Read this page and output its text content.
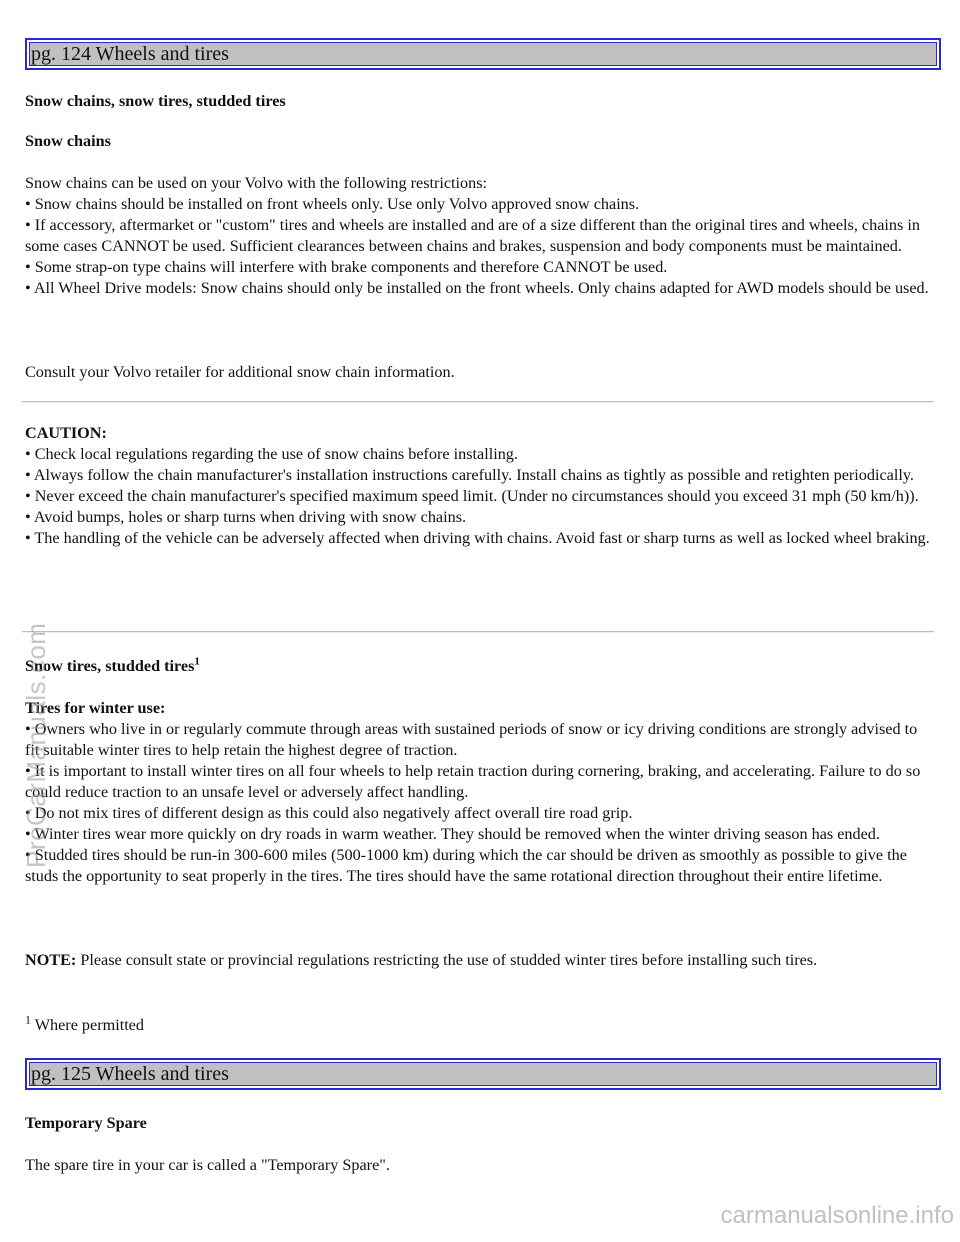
pg. 124 Wheels and tires
Snow chains, snow tires, studded tires
Snow chains
Snow chains can be used on your Volvo with the following restrictions:
• Snow chains should be installed on front wheels only. Use only Volvo approved snow chains.
• If accessory, aftermarket or "custom" tires and wheels are installed and are of a size different than the original tires and wheels, chains in some cases CANNOT be used. Sufficient clearances between chains and brakes, suspension and body components must be maintained.
• Some strap-on type chains will interfere with brake components and therefore CANNOT be used.
• All Wheel Drive models: Snow chains should only be installed on the front wheels. Only chains adapted for AWD models should be used.
Consult your Volvo retailer for additional snow chain information.
CAUTION:
• Check local regulations regarding the use of snow chains before installing.
• Always follow the chain manufacturer's installation instructions carefully. Install chains as tightly as possible and retighten periodically.
• Never exceed the chain manufacturer's specified maximum speed limit. (Under no circumstances should you exceed 31 mph (50 km/h)).
• Avoid bumps, holes or sharp turns when driving with snow chains.
• The handling of the vehicle can be adversely affected when driving with chains. Avoid fast or sharp turns as well as locked wheel braking.
Snow tires, studded tires$^1$
Tires for winter use:
• Owners who live in or regularly commute through areas with sustained periods of snow or icy driving conditions are strongly advised to fit suitable winter tires to help retain the highest degree of traction.
• It is important to install winter tires on all four wheels to help retain traction during cornering, braking, and accelerating. Failure to do so could reduce traction to an unsafe level or adversely affect handling.
• Do not mix tires of different design as this could also negatively affect overall tire road grip.
• Winter tires wear more quickly on dry roads in warm weather. They should be removed when the winter driving season has ended.
• Studded tires should be run-in 300-600 miles (500-1000 km) during which the car should be driven as smoothly as possible to give the studs the opportunity to seat properly in the tires. The tires should have the same rotational direction throughout their entire lifetime.
NOTE: Please consult state or provincial regulations restricting the use of studded winter tires before installing such tires.
$^1$ Where permitted
pg. 125 Wheels and tires
Temporary Spare
The spare tire in your car is called a "Temporary Spare".
ProCarManuals.com
carmanualsonline.info
